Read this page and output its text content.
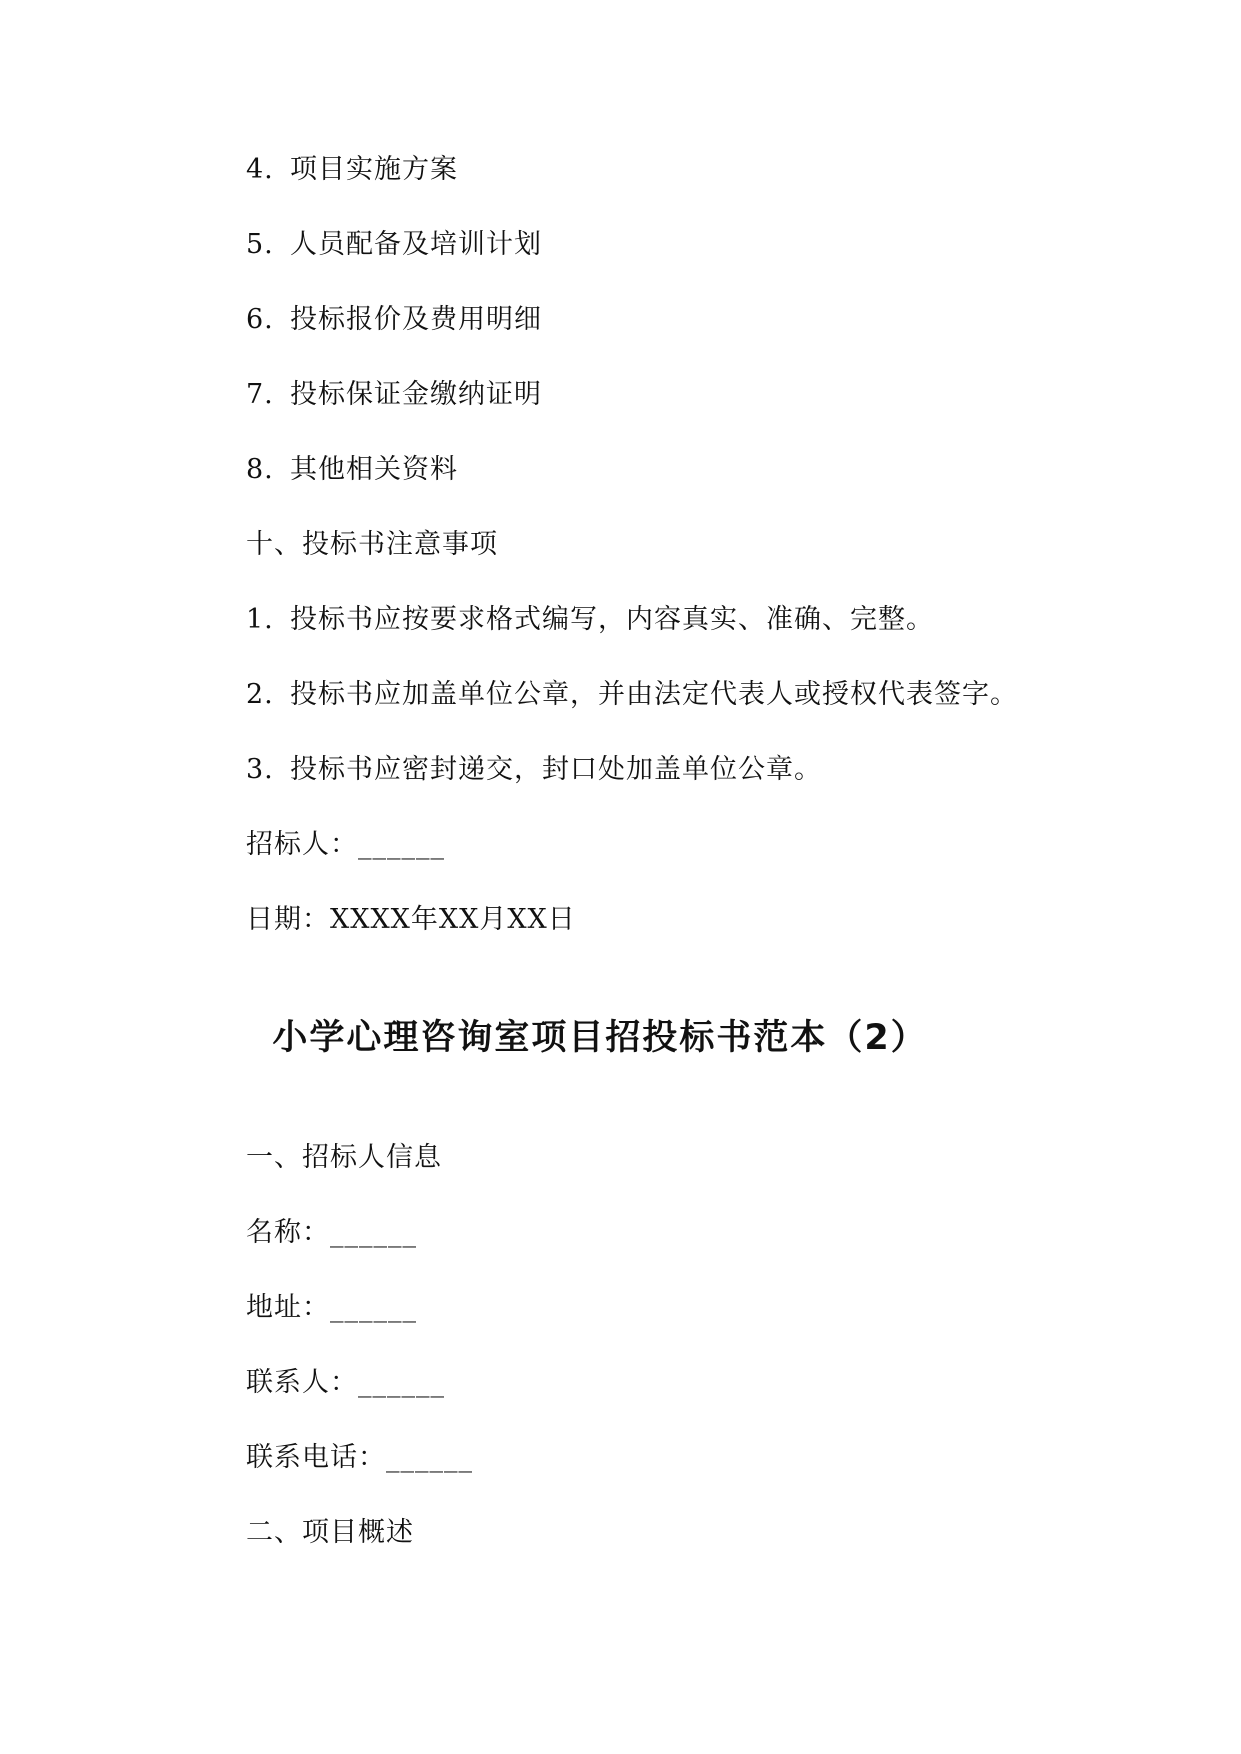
4. 项目实施方案
5. 人员配备及培训计划
6. 投标报价及费用明细
7. 投标保证金缴纳证明
8. 其他相关资料
十、投标书注意事项
1. 投标书应按要求格式编写，内容真实、准确、完整。
2. 投标书应加盖单位公章，并由法定代表人或授权代表签字。
3. 投标书应密封递交，封口处加盖单位公章。
招标人：______
日期：XXXX年XX月XX日
小学心理咨询室项目招投标书范本（2）
一、招标人信息
名称：______
地址：______
联系人：______
联系电话：______
二、项目概述
